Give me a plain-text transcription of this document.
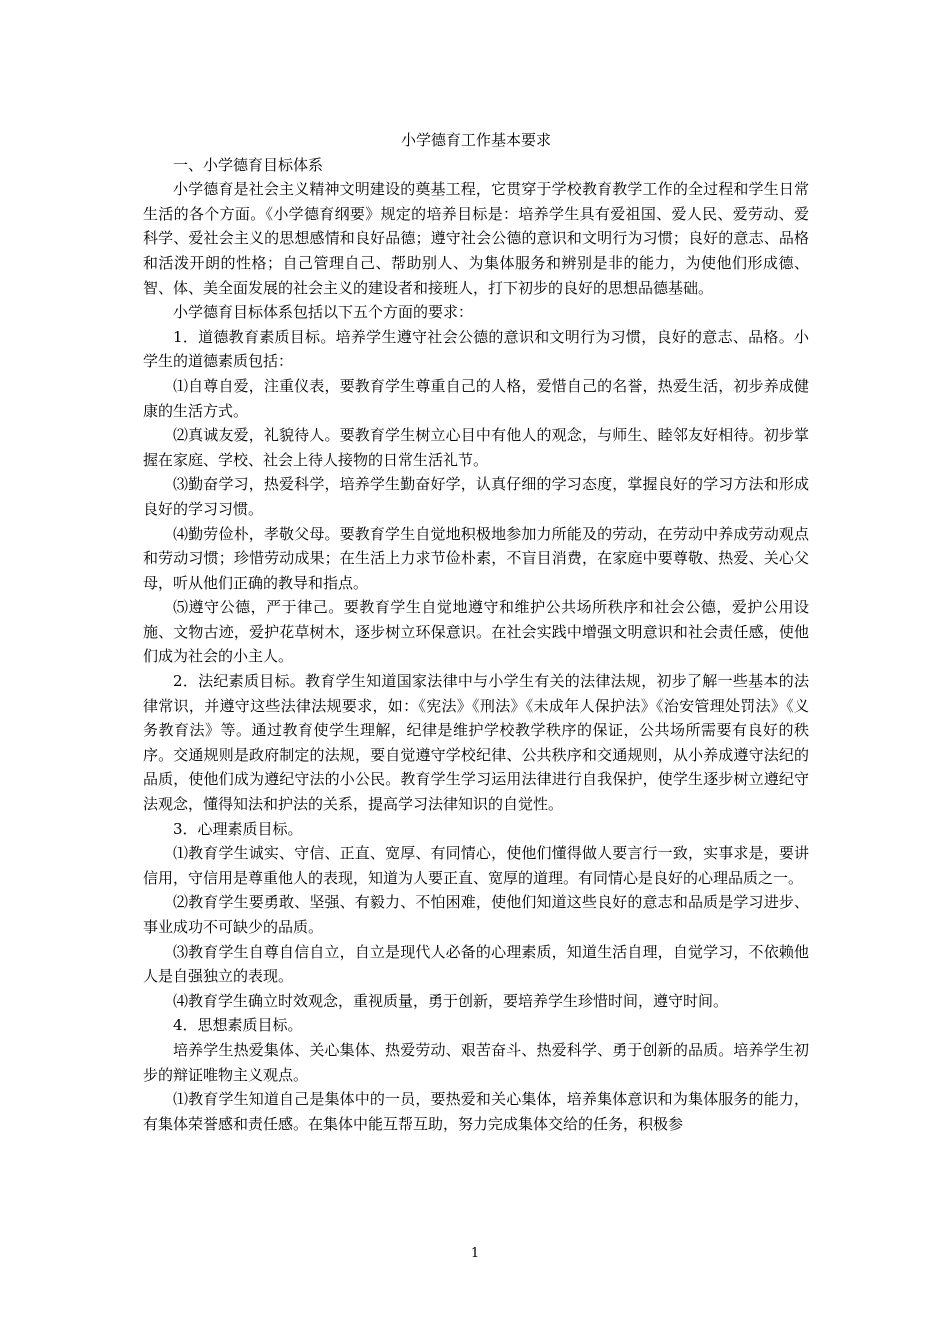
小学德育工作基本要求

一、小学德育目标体系

小学德育是社会主义精神文明建设的奠基工程，它贯穿于学校教育教学工作的全过程和学生日常生活的各个方面。《小学德育纲要》规定的培养目标是：培养学生具有爱祖国、爱人民、爱劳动、爱科学、爱社会主义的思想感情和良好品德；遵守社会公德的意识和文明行为习惯；良好的意志、品格和活泼开朗的性格；自己管理自己、帮助别人、为集体服务和辨别是非的能力，为使他们形成德、智、体、美全面发展的社会主义的建设者和接班人，打下初步的良好的思想品德基础。

小学德育目标体系包括以下五个方面的要求：

1．道德教育素质目标。培养学生遵守社会公德的意识和文明行为习惯，良好的意志、品格。小学生的道德素质包括：

⑴自尊自爱，注重仪表，要教育学生尊重自己的人格，爱惜自己的名誉，热爱生活，初步养成健康的生活方式。

⑵真诚友爱，礼貌待人。要教育学生树立心目中有他人的观念，与师生、睦邻友好相待。初步掌握在家庭、学校、社会上待人接物的日常生活礼节。

⑶勤奋学习，热爱科学，培养学生勤奋好学，认真仔细的学习态度，掌握良好的学习方法和形成良好的学习习惯。

⑷勤劳俭朴，孝敬父母。要教育学生自觉地积极地参加力所能及的劳动，在劳动中养成劳动观点和劳动习惯；珍惜劳动成果；在生活上力求节俭朴素，不盲目消费，在家庭中要尊敬、热爱、关心父母，听从他们正确的教导和指点。

⑸遵守公德，严于律己。要教育学生自觉地遵守和维护公共场所秩序和社会公德，爱护公用设施、文物古迹，爱护花草树木，逐步树立环保意识。在社会实践中增强文明意识和社会责任感，使他们成为社会的小主人。

2．法纪素质目标。教育学生知道国家法律中与小学生有关的法律法规，初步了解一些基本的法律常识，并遵守这些法律法规要求，如：《宪法》《刑法》《未成年人保护法》《治安管理处罚法》《义务教育法》等。通过教育使学生理解，纪律是维护学校教学秩序的保证，公共场所需要有良好的秩序。交通规则是政府制定的法规，要自觉遵守学校纪律、公共秩序和交通规则，从小养成遵守法纪的品质，使他们成为遵纪守法的小公民。教育学生学习运用法律进行自我保护，使学生逐步树立遵纪守法观念，懂得知法和护法的关系，提高学习法律知识的自觉性。

3．心理素质目标。

⑴教育学生诚实、守信、正直、宽厚、有同情心，使他们懂得做人要言行一致，实事求是，要讲信用，守信用是尊重他人的表现，知道为人要正直、宽厚的道理。有同情心是良好的心理品质之一。

⑵教育学生要勇敢、坚强、有毅力、不怕困难，使他们知道这些良好的意志和品质是学习进步、事业成功不可缺少的品质。

⑶教育学生自尊自信自立，自立是现代人必备的心理素质，知道生活自理，自觉学习，不依赖他人是自强独立的表现。

⑷教育学生确立时效观念，重视质量，勇于创新，要培养学生珍惜时间，遵守时间。

4．思想素质目标。

培养学生热爱集体、关心集体、热爱劳动、艰苦奋斗、热爱科学、勇于创新的品质。培养学生初步的辩证唯物主义观点。

⑴教育学生知道自己是集体中的一员，要热爱和关心集体，培养集体意识和为集体服务的能力，有集体荣誉感和责任感。在集体中能互帮互助，努力完成集体交给的任务，积极参

1
